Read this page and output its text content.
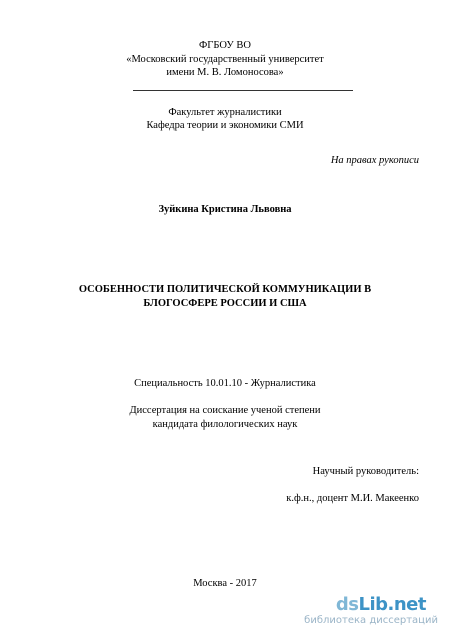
ФГБОУ ВО
«Московский государственный университет
имени М. В. Ломоносова»
Факультет журналистики
Кафедра теории и экономики СМИ
На правах рукописи
Зуйкина Кристина Львовна
ОСОБЕННОСТИ ПОЛИТИЧЕСКОЙ КОММУНИКАЦИИ В
БЛОГОСФЕРЕ РОССИИ И США
Специальность 10.01.10 - Журналистика
Диссертация на соискание ученой степени
кандидата филологических наук
Научный руководитель:
к.ф.н., доцент М.И. Макеенко
Москва - 2017
dsLib.net
библиотека диссертаций
